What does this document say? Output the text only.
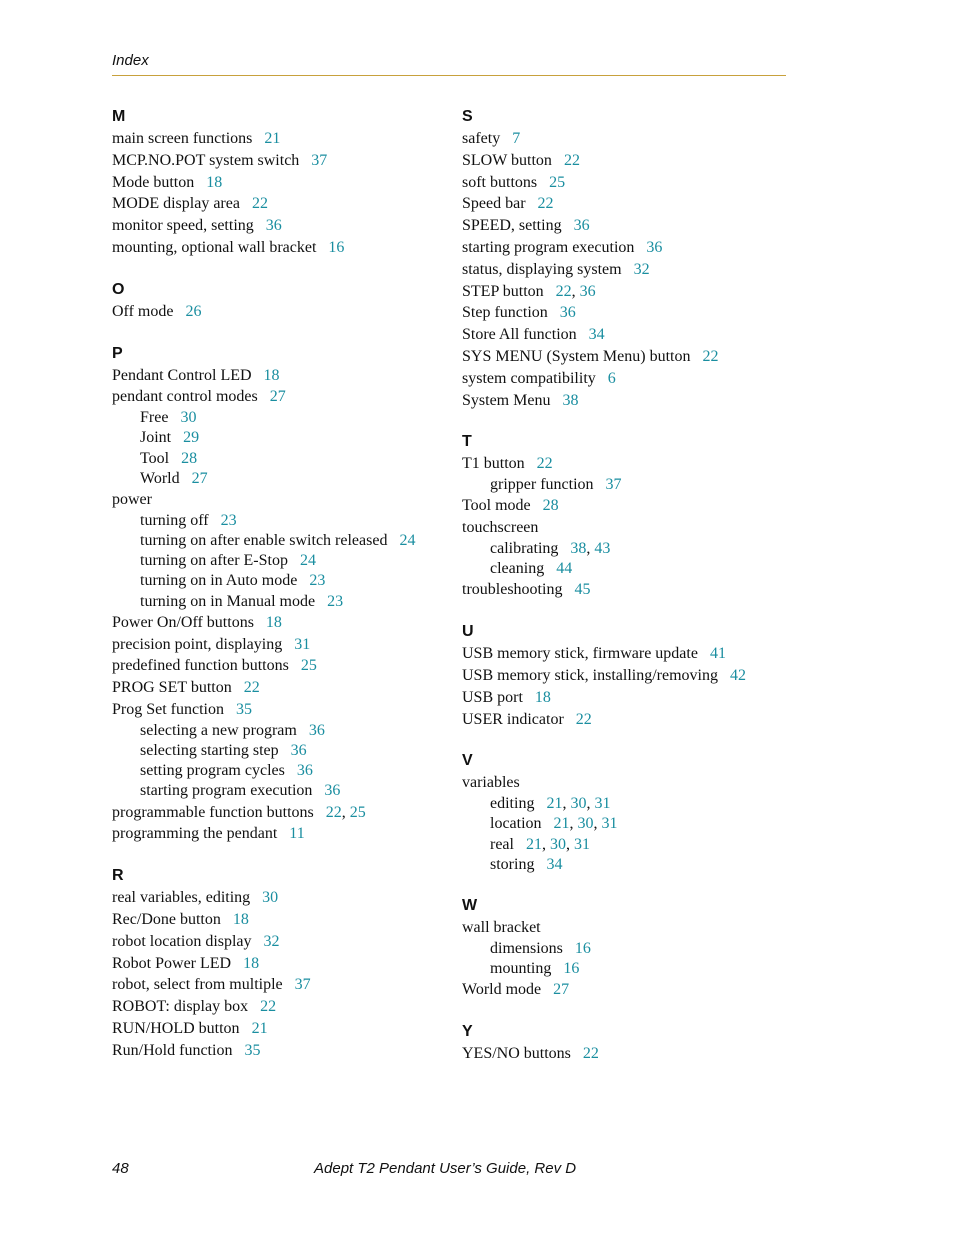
Index
M
main screen functions 21
MCP.NO.POT system switch 37
Mode button 18
MODE display area 22
monitor speed, setting 36
mounting, optional wall bracket 16
O
Off mode 26
P
Pendant Control LED 18
pendant control modes 27
Free 30
Joint 29
Tool 28
World 27
power
turning off 23
turning on after enable switch released 24
turning on after E-Stop 24
turning on in Auto mode 23
turning on in Manual mode 23
Power On/Off buttons 18
precision point, displaying 31
predefined function buttons 25
PROG SET button 22
Prog Set function 35
selecting a new program 36
selecting starting step 36
setting program cycles 36
starting program execution 36
programmable function buttons 22, 25
programming the pendant 11
R
real variables, editing 30
Rec/Done button 18
robot location display 32
Robot Power LED 18
robot, select from multiple 37
ROBOT: display box 22
RUN/HOLD button 21
Run/Hold function 35
S
safety 7
SLOW button 22
soft buttons 25
Speed bar 22
SPEED, setting 36
starting program execution 36
status, displaying system 32
STEP button 22, 36
Step function 36
Store All function 34
SYS MENU (System Menu) button 22
system compatibility 6
System Menu 38
T
T1 button 22
gripper function 37
Tool mode 28
touchscreen
calibrating 38, 43
cleaning 44
troubleshooting 45
U
USB memory stick, firmware update 41
USB memory stick, installing/removing 42
USB port 18
USER indicator 22
V
variables
editing 21, 30, 31
location 21, 30, 31
real 21, 30, 31
storing 34
W
wall bracket
dimensions 16
mounting 16
World mode 27
Y
YES/NO buttons 22
48	Adept T2 Pendant User’s Guide, Rev D
